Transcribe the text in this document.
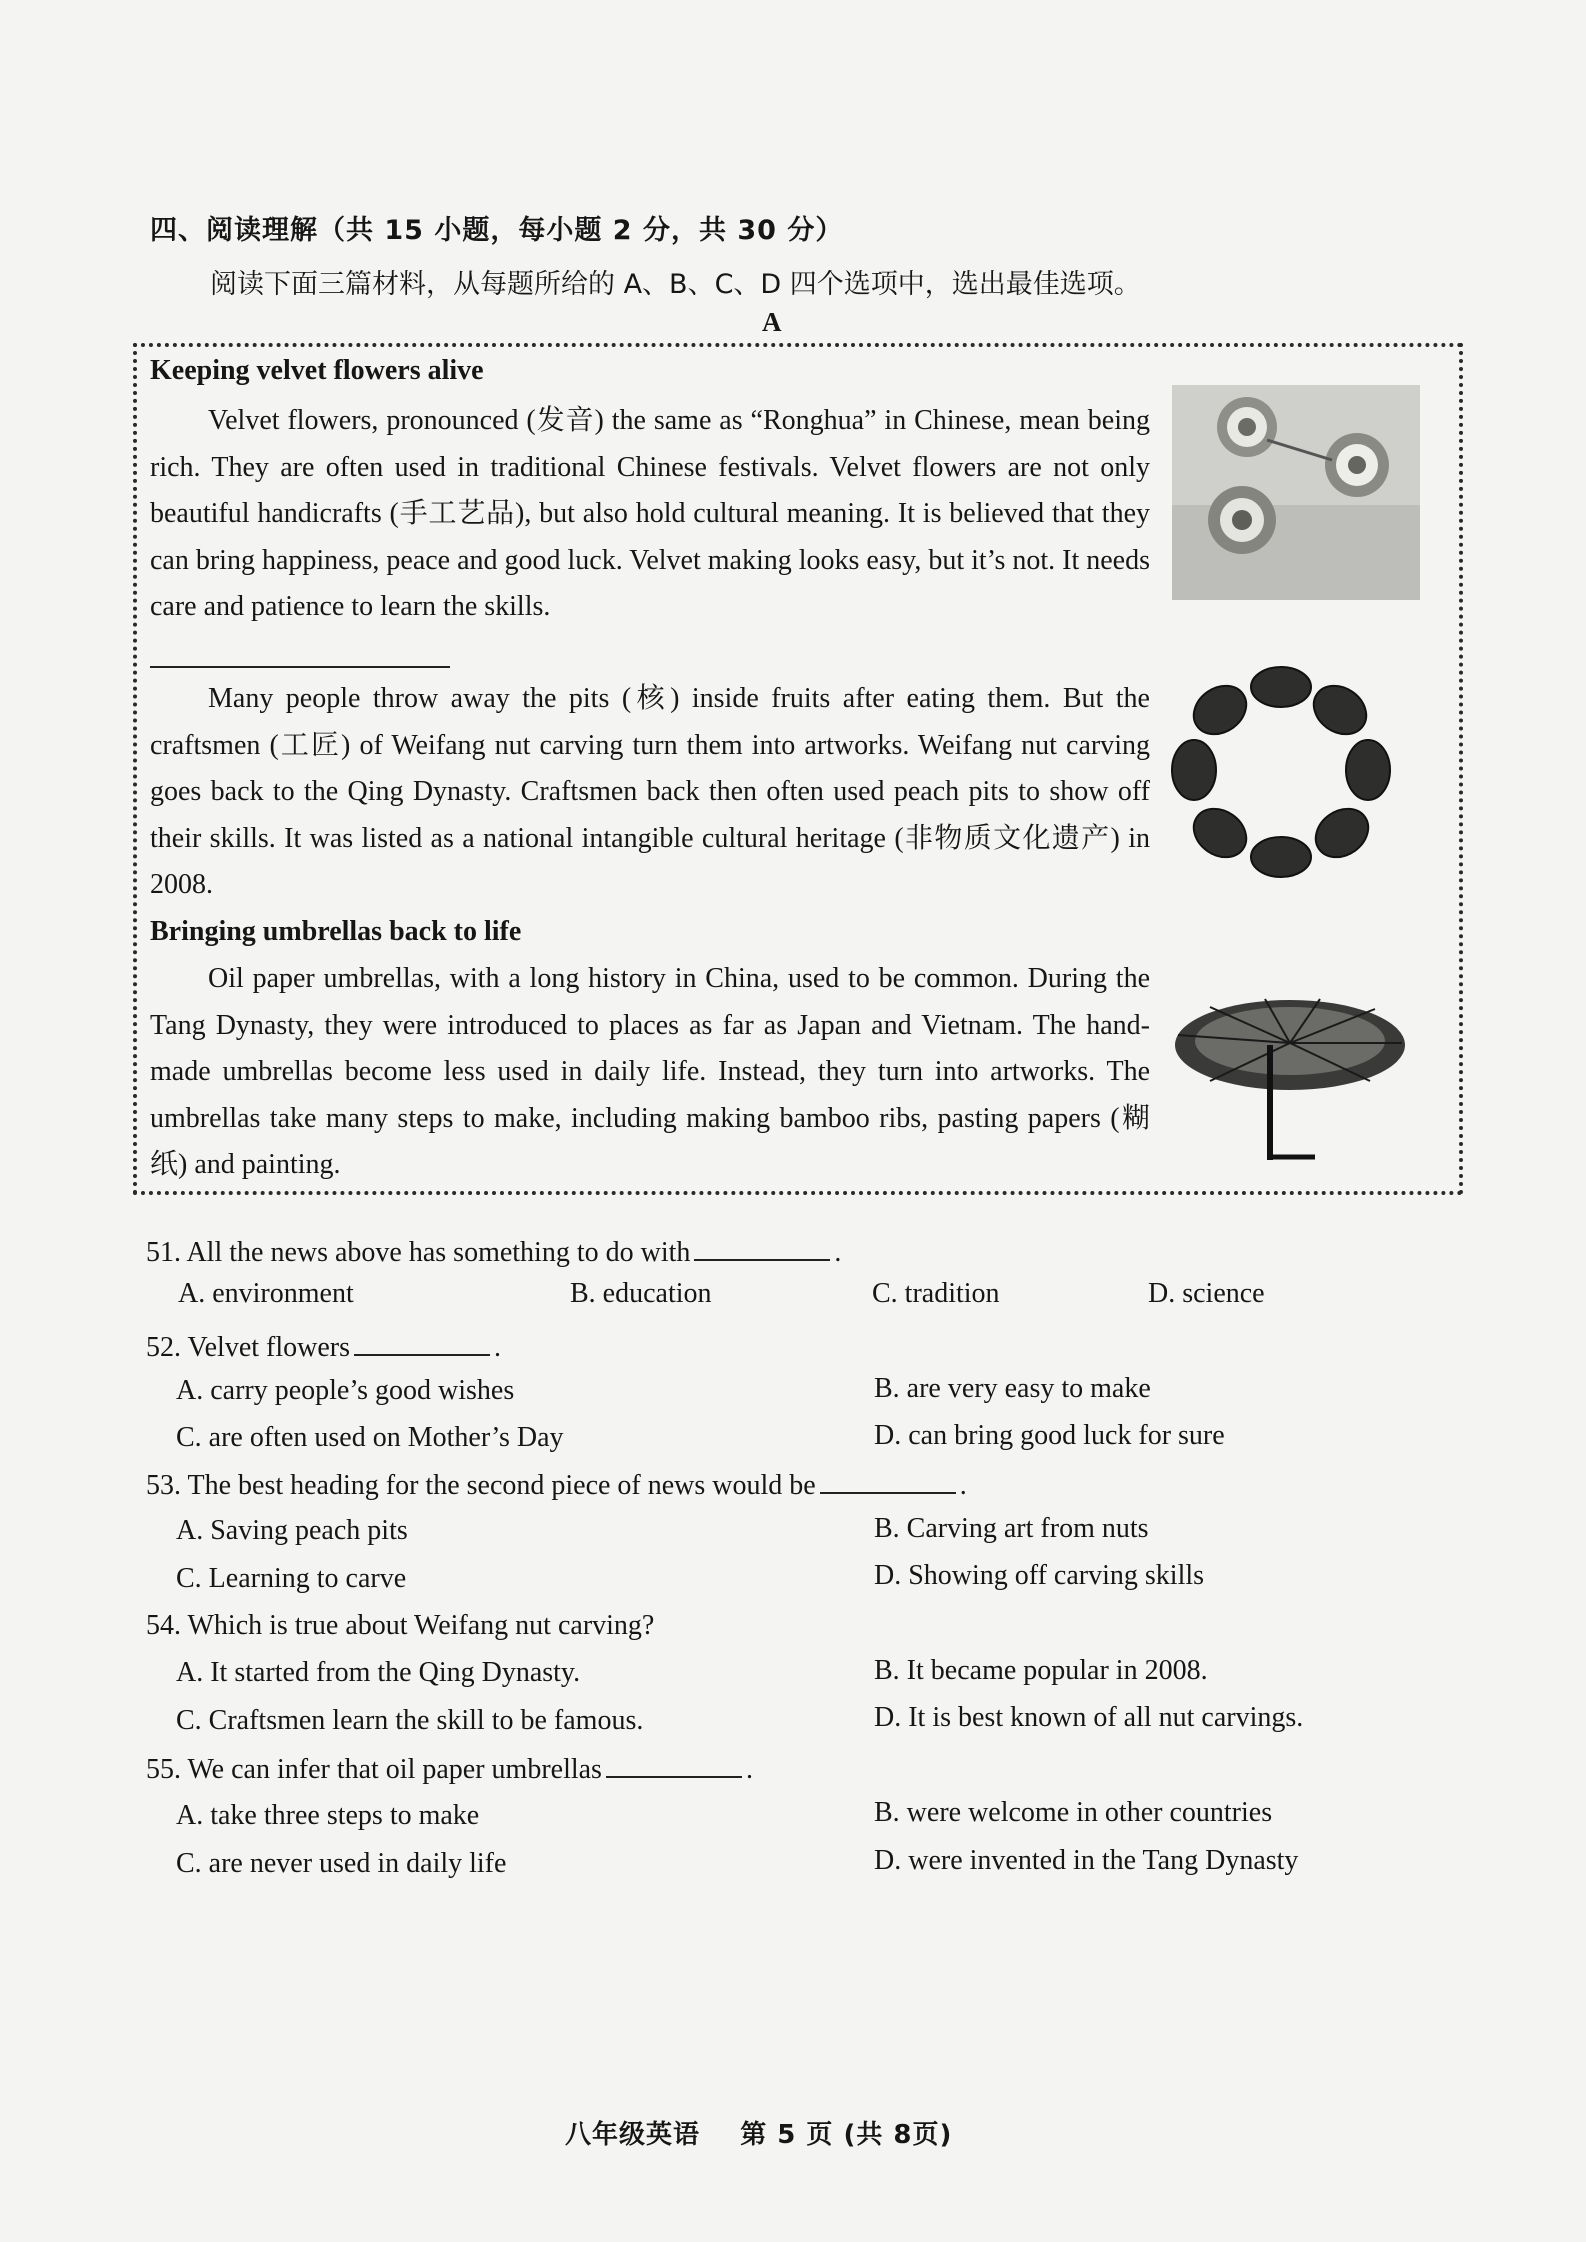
四、阅读理解（共 15 小题，每小题 2 分，共 30 分）
阅读下面三篇材料，从每题所给的 A、B、C、D 四个选项中，选出最佳选项。
A
Keeping velvet flowers alive
Velvet flowers, pronounced (发音) the same as “Ronghua” in Chinese, mean being rich. They are often used in traditional Chinese festivals. Velvet flowers are not only beautiful handicrafts (手工艺品), but also hold cultural meaning. It is believed that they can bring happiness, peace and good luck. Velvet making looks easy, but it’s not. It needs care and patience to learn the skills.
Many people throw away the pits (核) inside fruits after eating them. But the craftsmen (工匠) of Weifang nut carving turn them into artworks. Weifang nut carving goes back to the Qing Dynasty. Craftsmen back then often used peach pits to show off their skills. It was listed as a national intangible cultural heritage (非物质文化遗产) in 2008.
Bringing umbrellas back to life
Oil paper umbrellas, with a long history in China, used to be common. During the Tang Dynasty, they were introduced to places as far as Japan and Vietnam. The hand-made umbrellas become less used in daily life. Instead, they turn into artworks. The umbrellas take many steps to make, including making bamboo ribs, pasting papers (糊纸) and painting.
51. All the news above has something to do with	.
A. environment	B. education	C. tradition	D. science
52. Velvet flowers	.
A. carry people’s good wishes	B. are very easy to make
C. are often used on Mother’s Day	D. can bring good luck for sure
53. The best heading for the second piece of news would be	.
A. Saving peach pits	B. Carving art from nuts
C. Learning to carve	D. Showing off carving skills
54. Which is true about Weifang nut carving?
A. It started from the Qing Dynasty.	B. It became popular in 2008.
C. Craftsmen learn the skill to be famous.	D. It is best known of all nut carvings.
55. We can infer that oil paper umbrellas	.
A. take three steps to make	B. were welcome in other countries
C. are never used in daily life	D. were invented in the Tang Dynasty
八年级英语    第 5 页 (共 8页)
